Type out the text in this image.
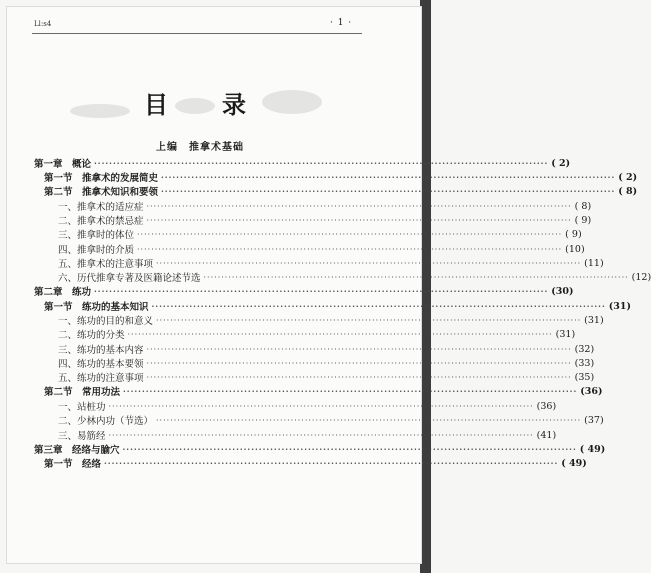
Ll:s4	· 1 ·
目录
上编　推拿术基础
第一章　概论 ························································································································ ( 2)
第一节　推拿术的发展简史 ························································································································ ( 2)
第二节　推拿术知识和要领 ························································································································ ( 8)
一、推拿术的适应症 ························································································································ ( 8)
二、推拿术的禁忌症 ························································································································ ( 9)
三、推拿时的体位 ························································································································ ( 9)
四、推拿时的介质 ························································································································ (10)
五、推拿术的注意事项 ························································································································ (11)
六、历代推拿专著及医籍论述节选 ························································································································ (12)
第二章　练功 ························································································································ (30)
第一节　练功的基本知识 ························································································································ (31)
一、练功的目的和意义 ························································································································ (31)
二、练功的分类 ························································································································ (31)
三、练功的基本内容 ························································································································ (32)
四、练功的基本要领 ························································································································ (33)
五、练功的注意事项 ························································································································ (35)
第二节　常用功法 ························································································································ (36)
一、站桩功 ························································································································ (36)
二、少林内功（节选） ························································································································ (37)
三、易筋经 ························································································································ (41)
第三章　经络与腧穴 ························································································································ ( 49)
第一节　经络 ························································································································ ( 49)
